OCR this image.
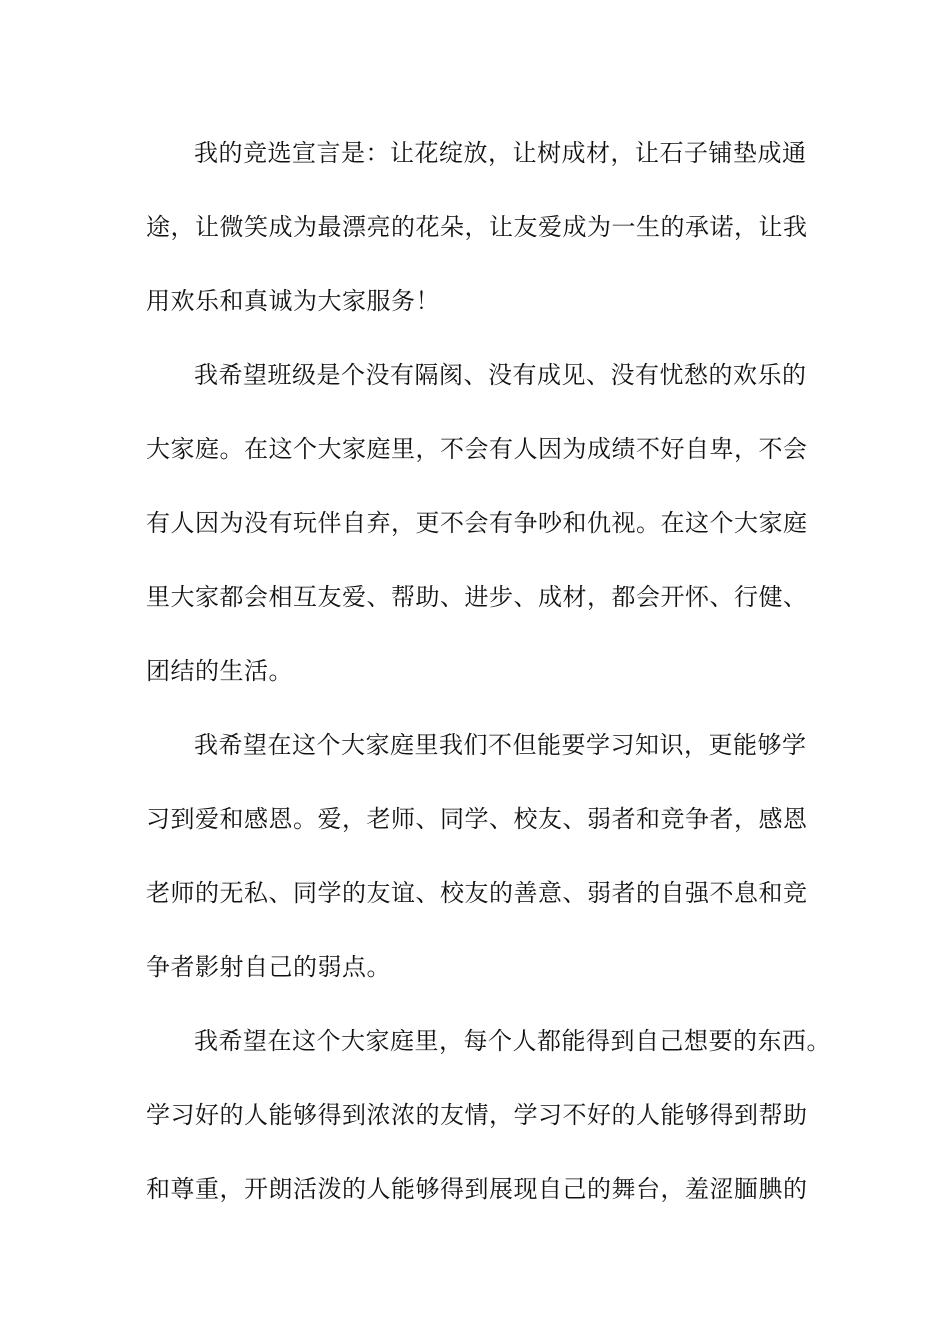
我的竞选宣言是：让花绽放，让树成材，让石子铺垫成通
途，让微笑成为最漂亮的花朵，让友爱成为一生的承诺，让我
用欢乐和真诚为大家服务！
我希望班级是个没有隔阂、没有成见、没有忧愁的欢乐的
大家庭。在这个大家庭里，不会有人因为成绩不好自卑，不会
有人因为没有玩伴自弃，更不会有争吵和仇视。在这个大家庭
里大家都会相互友爱、帮助、进步、成材，都会开怀、行健、
团结的生活。
我希望在这个大家庭里我们不但能要学习知识，更能够学
习到爱和感恩。爱，老师、同学、校友、弱者和竞争者，感恩
老师的无私、同学的友谊、校友的善意、弱者的自强不息和竞
争者影射自己的弱点。
我希望在这个大家庭里，每个人都能得到自己想要的东西。
学习好的人能够得到浓浓的友情，学习不好的人能够得到帮助
和尊重，开朗活泼的人能够得到展现自己的舞台，羞涩腼腆的
